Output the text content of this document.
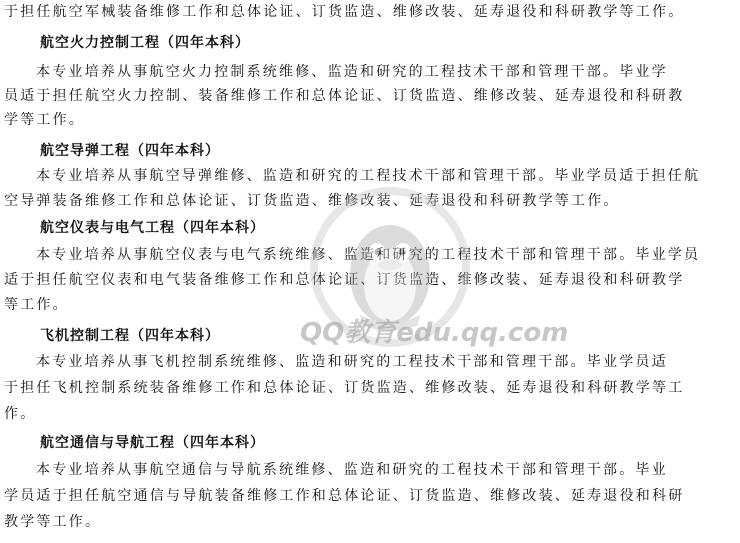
于担任航空军械装备维修工作和总体论证、订货监造、维修改装、延寿退役和科研教学等工作。
航空火力控制工程（四年本科）
本专业培养从事航空火力控制系统维修、监造和研究的工程技术干部和管理干部。毕业学
员适于担任航空火力控制、装备维修工作和总体论证、订货监造、维修改装、延寿退役和科研教
学等工作。
航空导弹工程（四年本科）
本专业培养从事航空导弹维修、监造和研究的工程技术干部和管理干部。毕业学员适于担任航
空导弹装备维修工作和总体论证、订货监造、维修改装、延寿退役和科研教学等工作。
航空仪表与电气工程（四年本科）
本专业培养从事航空仪表与电气系统维修、监造和研究的工程技术干部和管理干部。毕业学员
适于担任航空仪表和电气装备维修工作和总体论证、订货监造、维修改装、延寿退役和科研教学
等工作。
飞机控制工程（四年本科）
本专业培养从事飞机控制系统维修、监造和研究的工程技术干部和管理干部。毕业学员适
于担任飞机控制系统装备维修工作和总体论证、订货监造、维修改装、延寿退役和科研教学等工
作。
航空通信与导航工程（四年本科）
本专业培养从事航空通信与导航系统维修、监造和研究的工程技术干部和管理干部。毕业
学员适于担任航空通信与导航装备维修工作和总体论证、订货监造、维修改装、延寿退役和科研
教学等工作。
QQ教育edu.qq.com
